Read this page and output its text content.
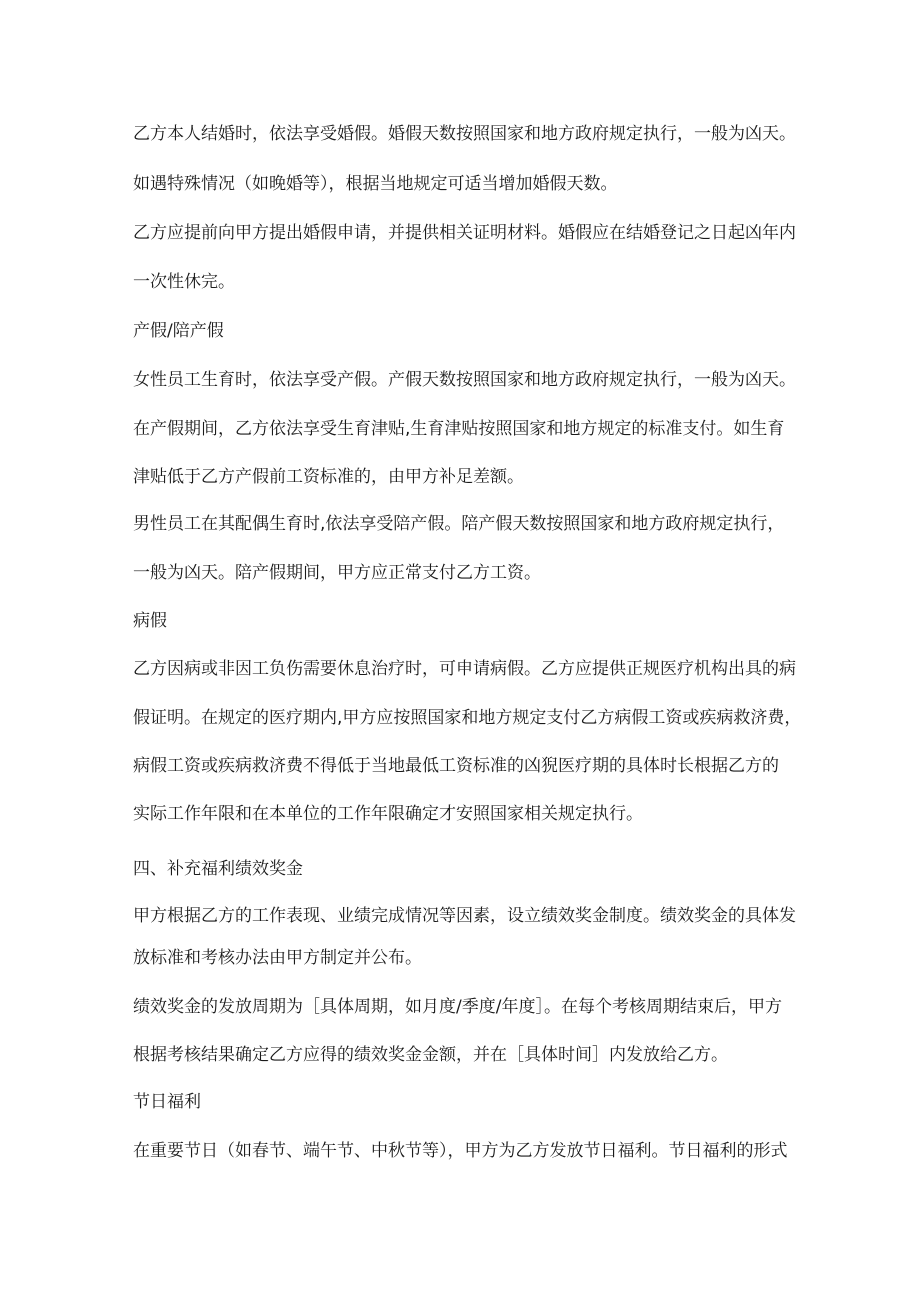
乙方本人结婚时，依法享受婚假。婚假天数按照国家和地方政府规定执行，一般为凶天。
如遇特殊情况（如晚婚等），根据当地规定可适当增加婚假天数。
乙方应提前向甲方提出婚假申请，并提供相关证明材料。婚假应在结婚登记之日起凶年内
一次性休完。
产假/陪产假
女性员工生育时，依法享受产假。产假天数按照国家和地方政府规定执行，一般为凶天。
在产假期间，乙方依法享受生育津贴,生育津贴按照国家和地方规定的标准支付。如生育
津贴低于乙方产假前工资标准的，由甲方补足差额。
男性员工在其配偶生育时,依法享受陪产假。陪产假天数按照国家和地方政府规定执行，
一般为凶天。陪产假期间，甲方应正常支付乙方工资。
病假
乙方因病或非因工负伤需要休息治疗时，可申请病假。乙方应提供正规医疗机构出具的病
假证明。在规定的医疗期内,甲方应按照国家和地方规定支付乙方病假工资或疾病救济费，
病假工资或疾病救济费不得低于当地最低工资标准的凶猊医疗期的具体时长根据乙方的
实际工作年限和在本单位的工作年限确定才安照国家相关规定执行。
四、补充福利绩效奖金
甲方根据乙方的工作表现、业绩完成情况等因素，设立绩效奖金制度。绩效奖金的具体发
放标准和考核办法由甲方制定并公布。
绩效奖金的发放周期为［具体周期，如月度/季度/年度］。在每个考核周期结束后，甲方
根据考核结果确定乙方应得的绩效奖金金额，并在［具体时间］内发放给乙方。
节日福利
在重要节日（如春节、端午节、中秋节等），甲方为乙方发放节日福利。节日福利的形式
